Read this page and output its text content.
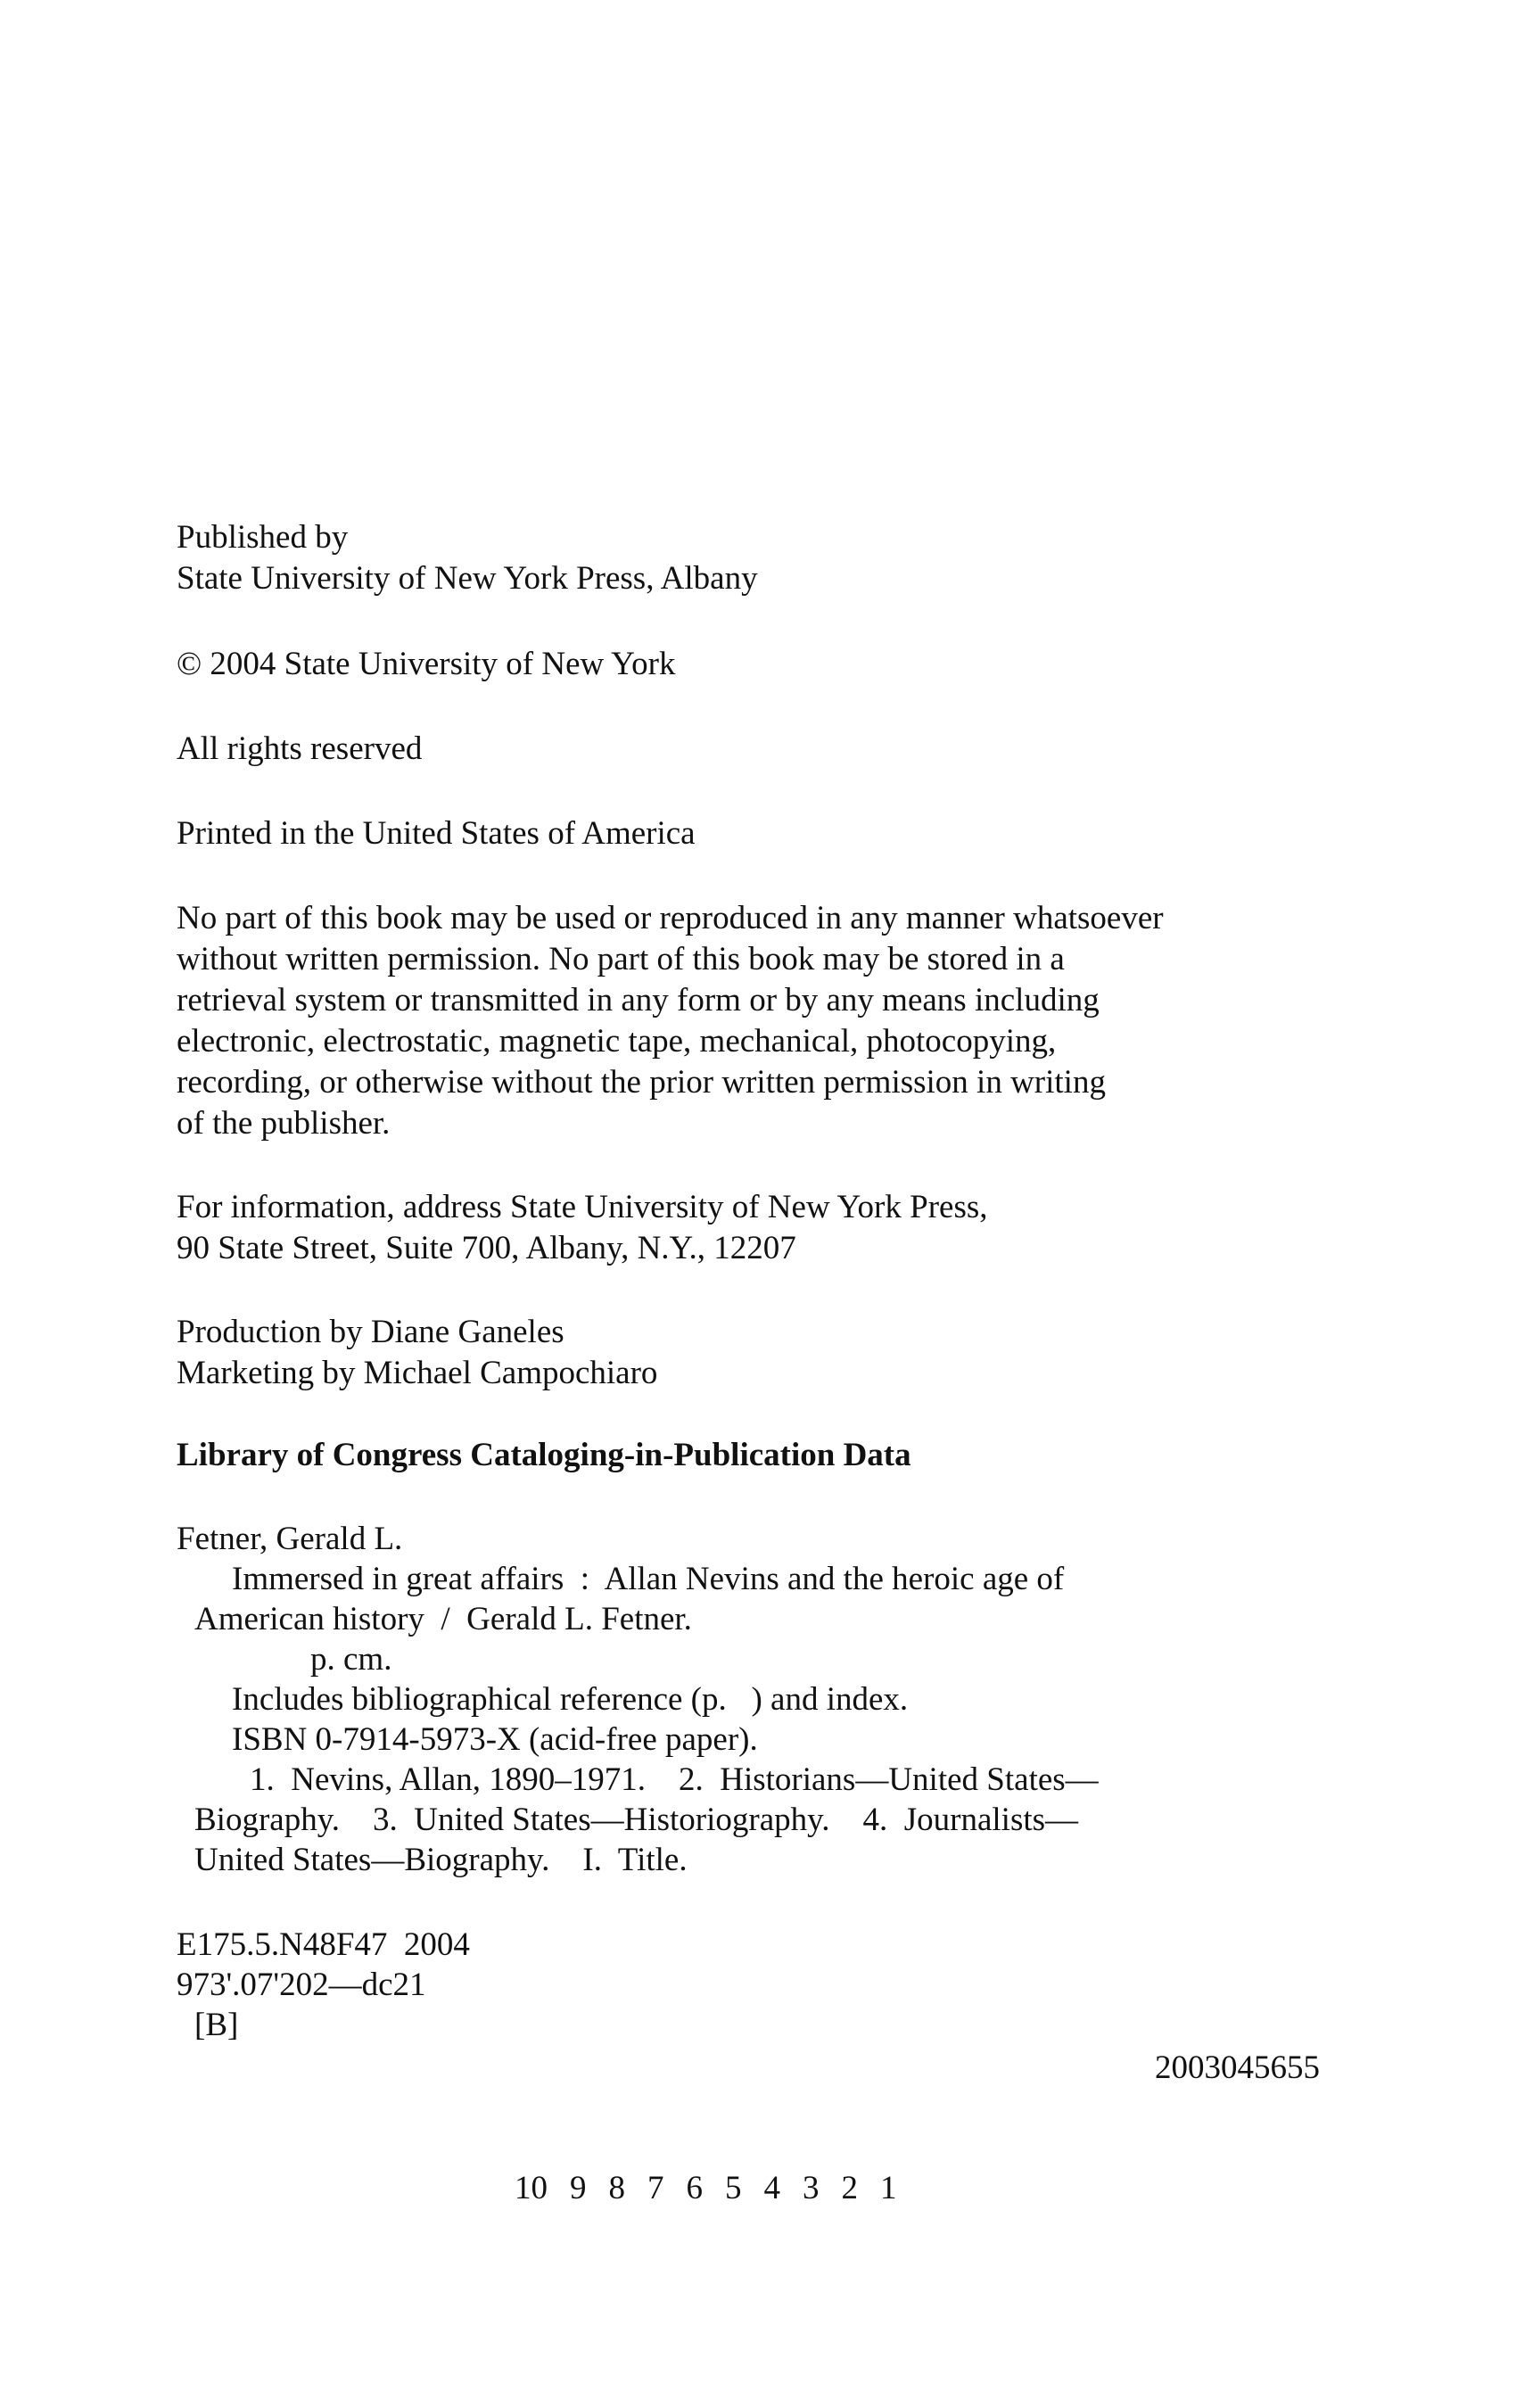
Published by
State University of New York Press, Albany
© 2004 State University of New York
All rights reserved
Printed in the United States of America
No part of this book may be used or reproduced in any manner whatsoever
without written permission. No part of this book may be stored in a
retrieval system or transmitted in any form or by any means including
electronic, electrostatic, magnetic tape, mechanical, photocopying,
recording, or otherwise without the prior written permission in writing
of the publisher.
For information, address State University of New York Press,
90 State Street, Suite 700, Albany, N.Y., 12207
Production by Diane Ganeles
Marketing by Michael Campochiaro
Library of Congress Cataloging-in-Publication Data
Fetner, Gerald L.
Immersed in great affairs  :  Allan Nevins and the heroic age of
American history  /  Gerald L. Fetner.
p. cm.
Includes bibliographical reference (p.   ) and index.
ISBN 0-7914-5973-X (acid-free paper).
1.  Nevins, Allan, 1890–1971.    2.  Historians—United States—
Biography.    3.  United States—Historiography.    4.  Journalists—
United States—Biography.    I.  Title.
E175.5.N48F47  2004
973'.07'202—dc21
[B]
2003045655

10 9 8 7 6 5 4 3 2 1
